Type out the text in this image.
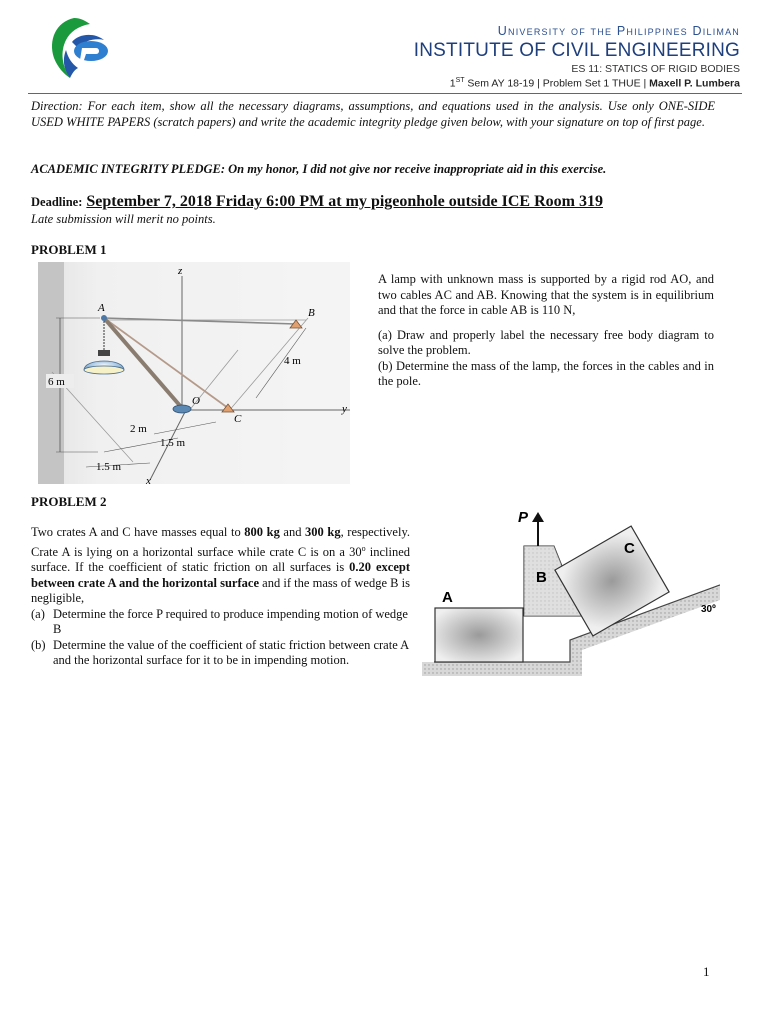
University of the Philippines Diliman
INSTITUTE OF CIVIL ENGINEERING
ES 11: STATICS OF RIGID BODIES
1ST Sem AY 18-19 | Problem Set 1 THUE | Maxell P. Lumbera
Direction: For each item, show all the necessary diagrams, assumptions, and equations used in the analysis. Use only ONE-SIDE USED WHITE PAPERS (scratch papers) and write the academic integrity pledge given below, with your signature on top of first page.
ACADEMIC INTEGRITY PLEDGE: On my honor, I did not give nor receive inappropriate aid in this exercise.
Deadline: September 7, 2018 Friday 6:00 PM at my pigeonhole outside ICE Room 319
Late submission will merit no points.
PROBLEM 1
z
y
x
6 m
4 m
2 m
1.5 m
1.5 m
A	B
C
O

A lamp with unknown mass is supported by a rigid rod AO, and two cables AC and AB. Knowing that the system is in equilibrium and that the force in cable AB is 110 N,

(a) Draw and properly label the necessary free body diagram to solve the problem.
(b) Determine the mass of the lamp, the forces in the cables and in the pole.
PROBLEM 2

Two crates A and C have masses equal to 800 kg and 300 kg, respectively. Crate A is lying on a horizontal surface while crate C is on a 30$^o$ inclined surface. If the coefficient of static friction on all surfaces is 0.20 except between crate A and the horizontal surface and if the mass of wedge B is negligible,

(a) Determine the force P required to produce impending motion of wedge B
(b) Determine the value of the coefficient of static friction between crate A and the horizontal surface for it to be in impending motion.
P
A
B
C
30º
1
